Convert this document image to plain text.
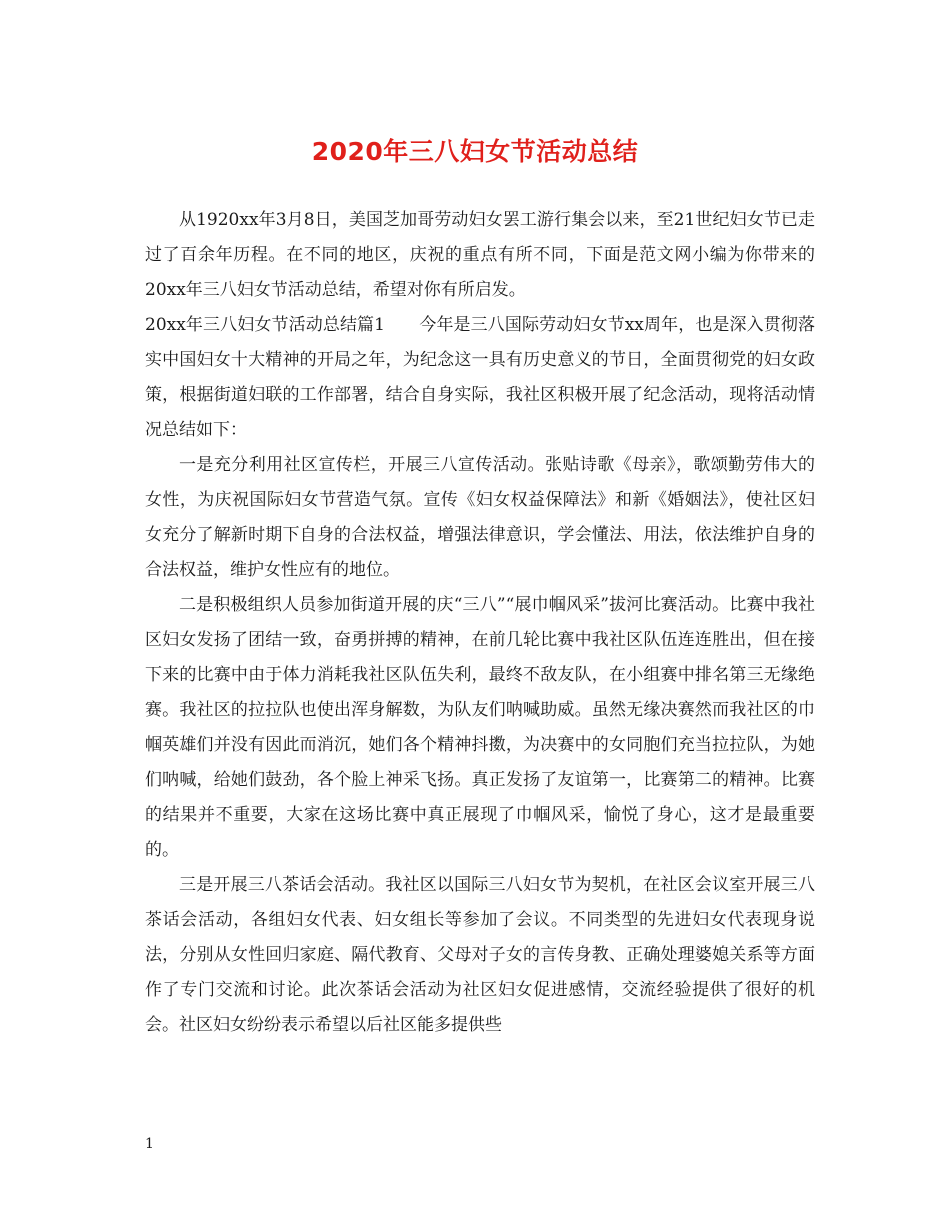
2020年三八妇女节活动总结

从1920xx年3月8日，美国芝加哥劳动妇女罢工游行集会以来，至21世纪妇女节已走过了百余年历程。在不同的地区，庆祝的重点有所不同，下面是范文网小编为你带来的20xx年三八妇女节活动总结，希望对你有所启发。

20xx年三八妇女节活动总结篇1　　今年是三八国际劳动妇女节xx周年，也是深入贯彻落实中国妇女十大精神的开局之年，为纪念这一具有历史意义的节日，全面贯彻党的妇女政策，根据街道妇联的工作部署，结合自身实际，我社区积极开展了纪念活动，现将活动情况总结如下：

一是充分利用社区宣传栏，开展三八宣传活动。张贴诗歌《母亲》，歌颂勤劳伟大的女性，为庆祝国际妇女节营造气氛。宣传《妇女权益保障法》和新《婚姻法》，使社区妇女充分了解新时期下自身的合法权益，增强法律意识，学会懂法、用法，依法维护自身的合法权益，维护女性应有的地位。

二是积极组织人员参加街道开展的庆“三八”“展巾帼风采”拔河比赛活动。比赛中我社区妇女发扬了团结一致，奋勇拼搏的精神，在前几轮比赛中我社区队伍连连胜出，但在接下来的比赛中由于体力消耗我社区队伍失利，最终不敌友队，在小组赛中排名第三无缘绝赛。我社区的拉拉队也使出浑身解数，为队友们呐喊助威。虽然无缘决赛然而我社区的巾帼英雄们并没有因此而消沉，她们各个精神抖擞，为决赛中的女同胞们充当拉拉队，为她们呐喊，给她们鼓劲，各个脸上神采飞扬。真正发扬了友谊第一，比赛第二的精神。比赛的结果并不重要，大家在这场比赛中真正展现了巾帼风采，愉悦了身心，这才是最重要的。

三是开展三八茶话会活动。我社区以国际三八妇女节为契机，在社区会议室开展三八茶话会活动，各组妇女代表、妇女组长等参加了会议。不同类型的先进妇女代表现身说法，分别从女性回归家庭、隔代教育、父母对子女的言传身教、正确处理婆媳关系等方面作了专门交流和讨论。此次茶话会活动为社区妇女促进感情，交流经验提供了很好的机会。社区妇女纷纷表示希望以后社区能多提供些

1
